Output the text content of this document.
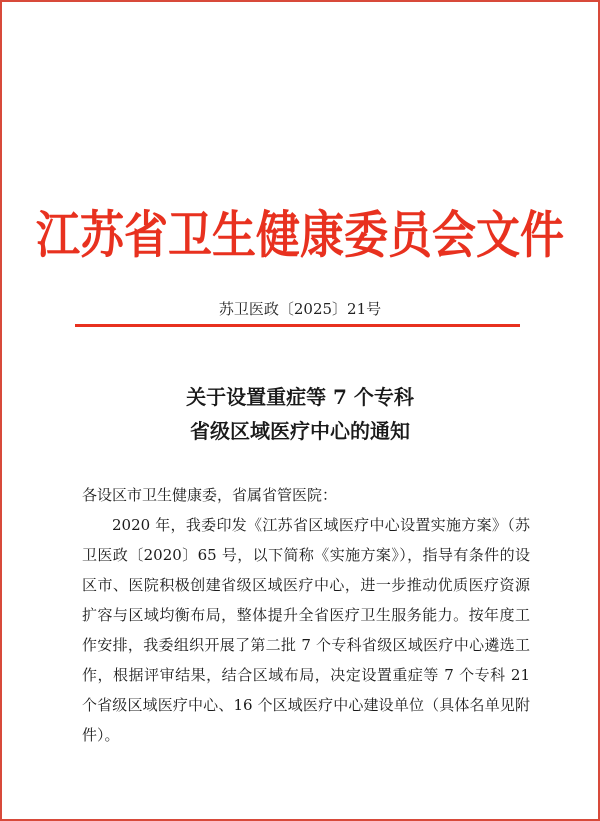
江苏省卫生健康委员会文件
苏卫医政〔2025〕21号
关于设置重症等 7 个专科
省级区域医疗中心的通知

各设区市卫生健康委，省属省管医院：

2020 年，我委印发《江苏省区域医疗中心设置实施方案》（苏卫医政〔2020〕65 号，以下简称《实施方案》），指导有条件的设区市、医院积极创建省级区域医疗中心，进一步推动优质医疗资源扩容与区域均衡布局，整体提升全省医疗卫生服务能力。按年度工作安排，我委组织开展了第二批 7 个专科省级区域医疗中心遴选工作，根据评审结果，结合区域布局，决定设置重症等 7 个专科 21 个省级区域医疗中心、16 个区域医疗中心建设单位（具体名单见附件）。
